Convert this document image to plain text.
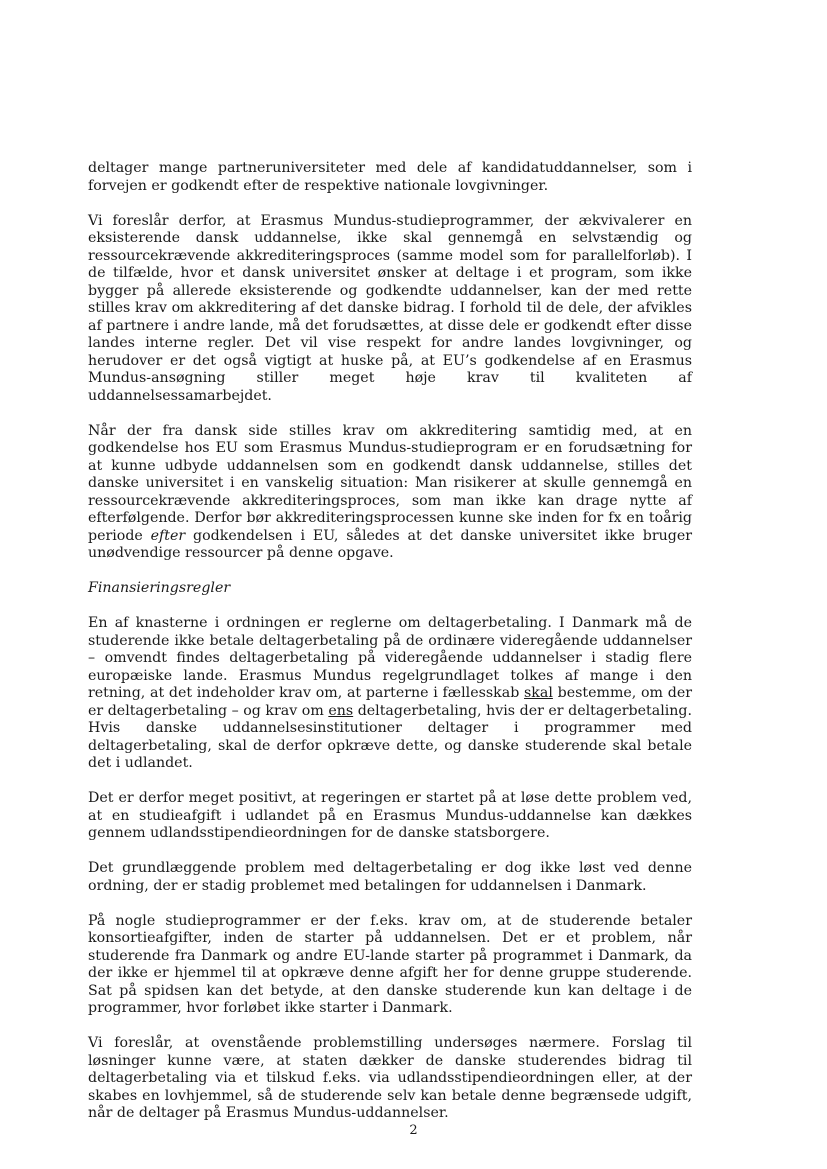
deltager mange partneruniversiteter med dele af kandidatuddannelser, som i forvejen er godkendt efter de respektive nationale lovgivninger.

Vi foreslår derfor, at Erasmus Mundus-studieprogrammer, der ækvivalerer en eksisterende dansk uddannelse, ikke skal gennemgå en selvstændig og ressourcekrævende akkrediteringsproces (samme model som for parallelforløb). I de tilfælde, hvor et dansk universitet ønsker at deltage i et program, som ikke bygger på allerede eksisterende og godkendte uddannelser, kan der med rette stilles krav om akkreditering af det danske bidrag. I forhold til de dele, der afvikles af partnere i andre lande, må det forudsættes, at disse dele er godkendt efter disse landes interne regler. Det vil vise respekt for andre landes lovgivninger, og herudover er det også vigtigt at huske på, at EU’s godkendelse af en Erasmus Mundus-ansøgning stiller meget høje krav til kvaliteten af uddannelsessamarbejdet.

Når der fra dansk side stilles krav om akkreditering samtidig med, at en godkendelse hos EU som Erasmus Mundus-studieprogram er en forudsætning for at kunne udbyde uddannelsen som en godkendt dansk uddannelse, stilles det danske universitet i en vanskelig situation: Man risikerer at skulle gennemgå en ressourcekrævende akkrediteringsproces, som man ikke kan drage nytte af efterfølgende. Derfor bør akkrediteringsprocessen kunne ske inden for fx en toårig periode efter godkendelsen i EU, således at det danske universitet ikke bruger unødvendige ressourcer på denne opgave.

Finansieringsregler

En af knasterne i ordningen er reglerne om deltagerbetaling. I Danmark må de studerende ikke betale deltagerbetaling på de ordinære videregående uddannelser – omvendt findes deltagerbetaling på videregående uddannelser i stadig flere europæiske lande. Erasmus Mundus regelgrundlaget tolkes af mange i den retning, at det indeholder krav om, at parterne i fællesskab skal bestemme, om der er deltagerbetaling – og krav om ens deltagerbetaling, hvis der er deltagerbetaling. Hvis danske uddannelsesinstitutioner deltager i programmer med deltagerbetaling, skal de derfor opkræve dette, og danske studerende skal betale det i udlandet.

Det er derfor meget positivt, at regeringen er startet på at løse dette problem ved, at en studieafgift i udlandet på en Erasmus Mundus-uddannelse kan dækkes gennem udlandsstipendieordningen for de danske statsborgere.

Det grundlæggende problem med deltagerbetaling er dog ikke løst ved denne ordning, der er stadig problemet med betalingen for uddannelsen i Danmark.

På nogle studieprogrammer er der f.eks. krav om, at de studerende betaler konsortieafgifter, inden de starter på uddannelsen. Det er et problem, når studerende fra Danmark og andre EU-lande starter på programmet i Danmark, da der ikke er hjemmel til at opkræve denne afgift her for denne gruppe studerende. Sat på spidsen kan det betyde, at den danske studerende kun kan deltage i de programmer, hvor forløbet ikke starter i Danmark.

Vi foreslår, at ovenstående problemstilling undersøges nærmere. Forslag til løsninger kunne være, at staten dækker de danske studerendes bidrag til deltagerbetaling via et tilskud f.eks. via udlandsstipendieordningen eller, at der skabes en lovhjemmel, så de studerende selv kan betale denne begrænsede udgift, når de deltager på Erasmus Mundus-uddannelser.

2
